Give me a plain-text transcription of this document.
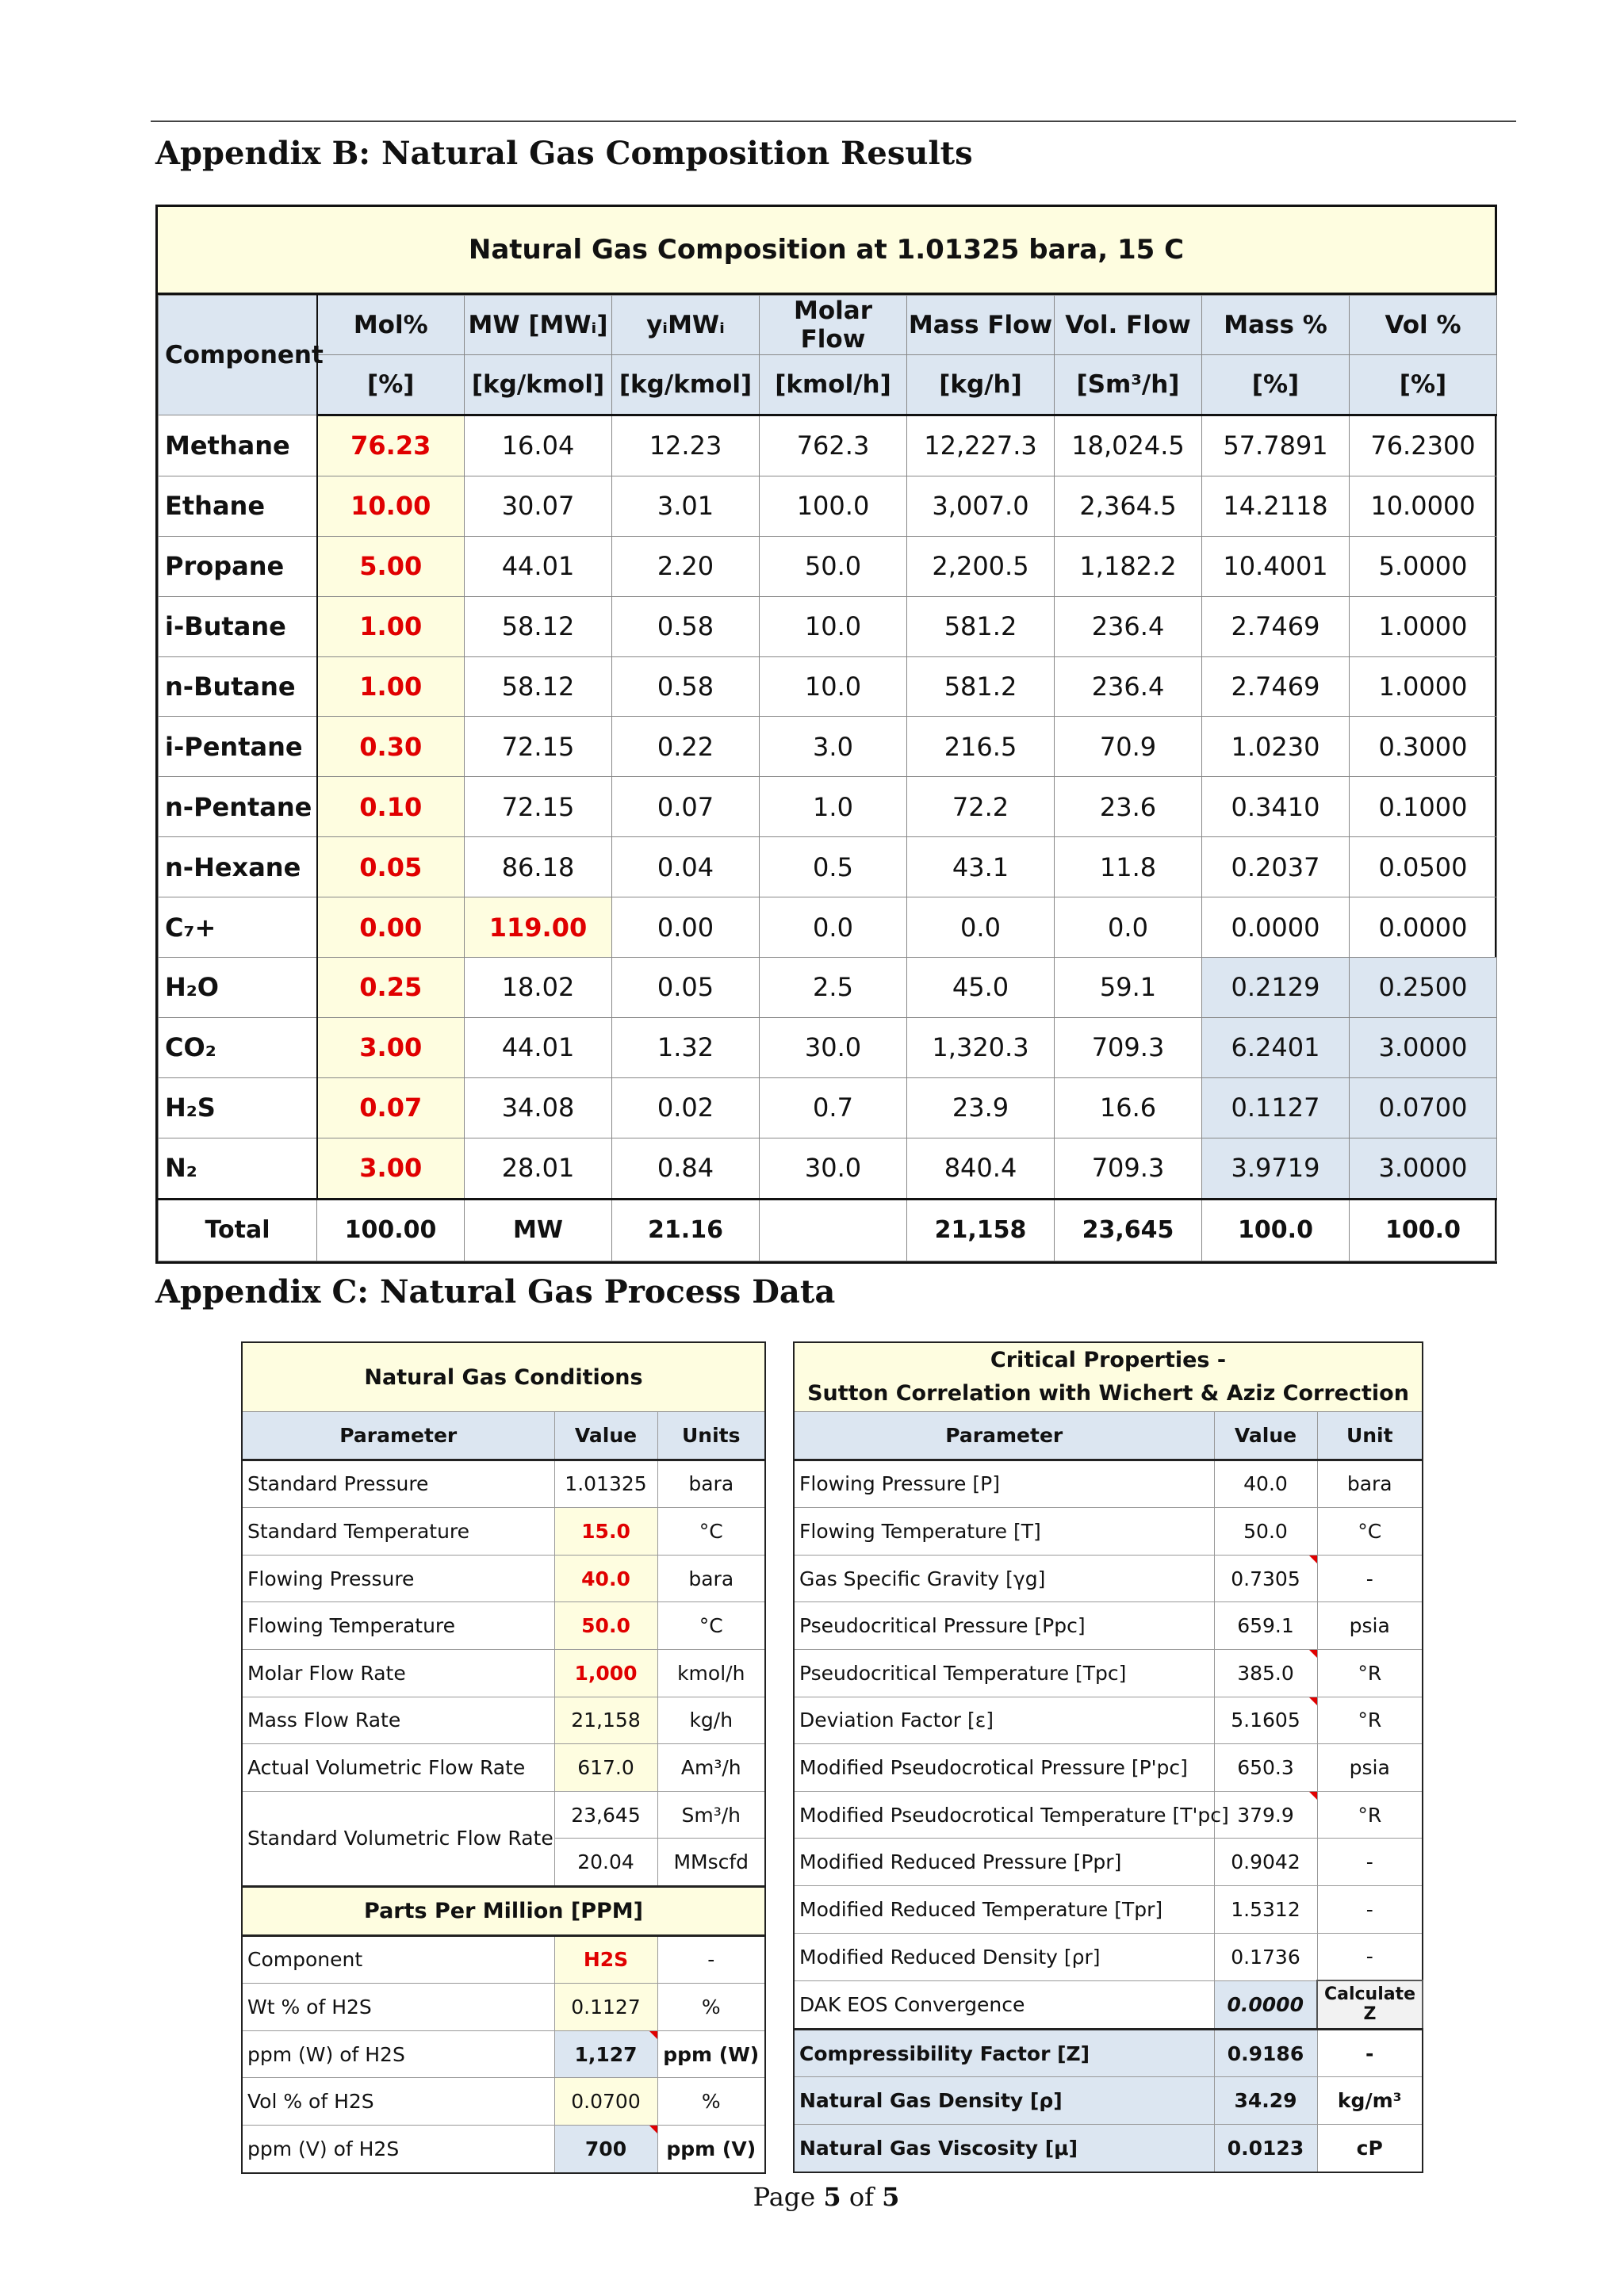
Appendix B: Natural Gas Composition Results
Natural Gas Composition at 1.01325 bara, 15 C
Component	Mol%	MW [MWᵢ]	yᵢMWᵢ	Molar Flow	Mass Flow	Vol. Flow	Mass %	Vol %
	[%]	[kg/kmol]	[kg/kmol]	[kmol/h]	[kg/h]	[Sm³/h]	[%]	[%]
Methane	76.23	16.04	12.23	762.3	12,227.3	18,024.5	57.7891	76.2300
Ethane	10.00	30.07	3.01	100.0	3,007.0	2,364.5	14.2118	10.0000
Propane	5.00	44.01	2.20	50.0	2,200.5	1,182.2	10.4001	5.0000
i-Butane	1.00	58.12	0.58	10.0	581.2	236.4	2.7469	1.0000
n-Butane	1.00	58.12	0.58	10.0	581.2	236.4	2.7469	1.0000
i-Pentane	0.30	72.15	0.22	3.0	216.5	70.9	1.0230	0.3000
n-Pentane	0.10	72.15	0.07	1.0	72.2	23.6	0.3410	0.1000
n-Hexane	0.05	86.18	0.04	0.5	43.1	11.8	0.2037	0.0500
C₇+	0.00	119.00	0.00	0.0	0.0	0.0	0.0000	0.0000
H₂O	0.25	18.02	0.05	2.5	45.0	59.1	0.2129	0.2500
CO₂	3.00	44.01	1.32	30.0	1,320.3	709.3	6.2401	3.0000
H₂S	0.07	34.08	0.02	0.7	23.9	16.6	0.1127	0.0700
N₂	3.00	28.01	0.84	30.0	840.4	709.3	3.9719	3.0000
Total	100.00	MW	21.16		21,158	23,645	100.0	100.0
Appendix C: Natural Gas Process Data
Natural Gas Conditions		
Parameter	Value	Units
Standard Pressure	1.01325	bara
Standard Temperature	15.0	°C
Flowing Pressure	40.0	bara
Flowing Temperature	50.0	°C
Molar Flow Rate	1,000	kmol/h
Mass Flow Rate	21,158	kg/h
Actual Volumetric Flow Rate	617.0	Am³/h
Standard Volumetric Flow Rate	23,645	Sm³/h
	20.04	MMscfd
Parts Per Million [PPM]		
Component	H2S	-
Wt % of H2S	0.1127	%
ppm (W) of H2S	1,127	ppm (W)
Vol % of H2S	0.0700	%
ppm (V) of H2S	700	ppm (V)
Critical Properties -
Sutton Correlation with Wichert & Aziz Correction		

Parameter	Value	Unit
Flowing Pressure [P]	40.0	bara
Flowing Temperature [T]	50.0	°C
Gas Specific Gravity [γg]	0.7305	-
Pseudocritical Pressure [Ppc]	659.1	psia
Pseudocritical Temperature [Tpc]	385.0	°R
Deviation Factor [ε]	5.1605	°R
Modified Pseudocrotical Pressure [P'pc]	650.3	psia
Modified Pseudocrotical Temperature [T'pc]	379.9	°R
Modified Reduced Pressure [Ppr]	0.9042	-
Modified Reduced Temperature [Tpr]	1.5312	-
Modified Reduced Density [ρr]	0.1736	-
DAK EOS Convergence	0.0000	Calculate Z
Compressibility Factor [Z]	0.9186	-
Natural Gas Density [ρ]	34.29	kg/m³
Natural Gas Viscosity [μ]	0.0123	cP
Page 5 of 5
